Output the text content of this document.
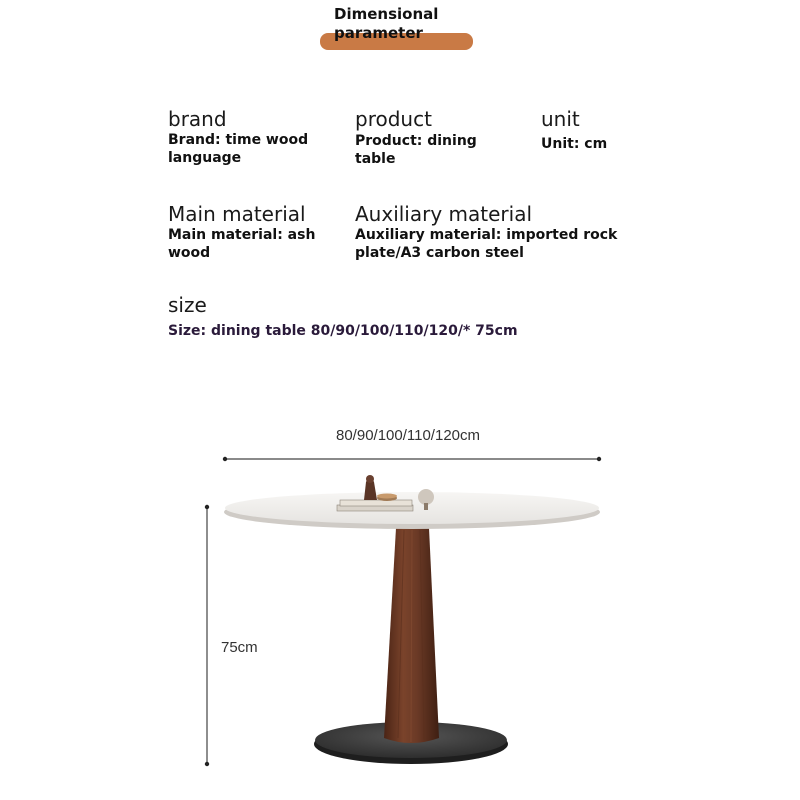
Dimensional parameter
brand
Brand: time wood language
product
Product: dining table
unit
Unit: cm
Main material
Main material: ash wood
Auxiliary material
Auxiliary material: imported rock plate/A3 carbon steel
size
Size: dining table 80/90/100/110/120/* 75cm
80/90/100/110/120cm
75cm
